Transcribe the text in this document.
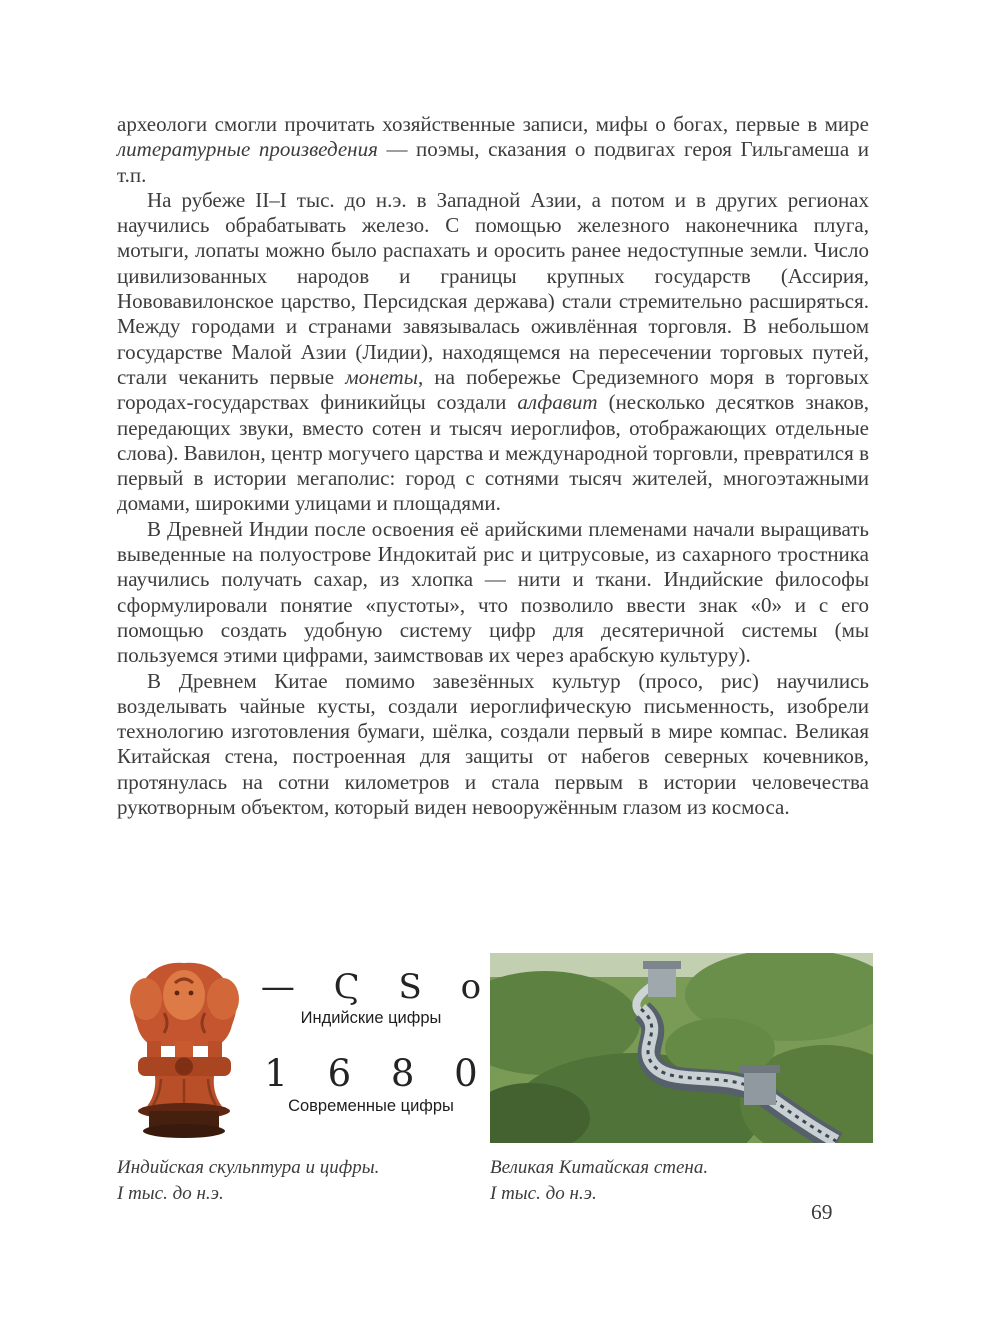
археологи смогли прочитать хозяйственные записи, мифы о богах, первые в мире литературные произведения — поэмы, сказания о подвигах героя Гильгамеша и т.п.

На рубеже II–I тыс. до н.э. в Западной Азии, а потом и в других регионах научились обрабатывать железо. С помощью железного наконечника плуга, мотыги, лопаты можно было распахать и оросить ранее недоступные земли. Число цивилизованных народов и границы крупных государств (Ассирия, Нововавилонское царство, Персидская держава) стали стремительно расширяться. Между городами и странами завязывалась оживлённая торговля. В небольшом государстве Малой Азии (Лидии), находящемся на пересечении торговых путей, стали чеканить первые монеты, на побережье Средиземного моря в торговых городах-государствах финикийцы создали алфавит (несколько десятков знаков, передающих звуки, вместо сотен и тысяч иероглифов, отображающих отдельные слова). Вавилон, центр могучего царства и международной торговли, превратился в первый в истории мегаполис: город с сотнями тысяч жителей, многоэтажными домами, широкими улицами и площадями.

В Древней Индии после освоения её арийскими племенами начали выращивать выведенные на полуострове Индокитай рис и цитрусовые, из сахарного тростника научились получать сахар, из хлопка — нити и ткани. Индийские философы сформулировали понятие «пустоты», что позволило ввести знак «0» и с его помощью создать удобную систему цифр для десятеричной системы (мы пользуемся этими цифрами, заимствовав их через арабскую культуру).

В Древнем Китае помимо завезённых культур (просо, рис) научились возделывать чайные кусты, создали иероглифическую письменность, изобрели технологию изготовления бумаги, шёлка, создали первый в мире компас. Великая Китайская стена, построенная для защиты от набегов северных кочевников, протянулась на сотни километров и стала первым в истории человечества рукотворным объектом, который виден невооружённым глазом из космоса.

— Ϛ S o
Индийские цифры
1 6 8 0
Современные цифры
Индийская скульптура и цифры.
I тыс. до н.э.
Великая Китайская стена.
I тыс. до н.э.
69
